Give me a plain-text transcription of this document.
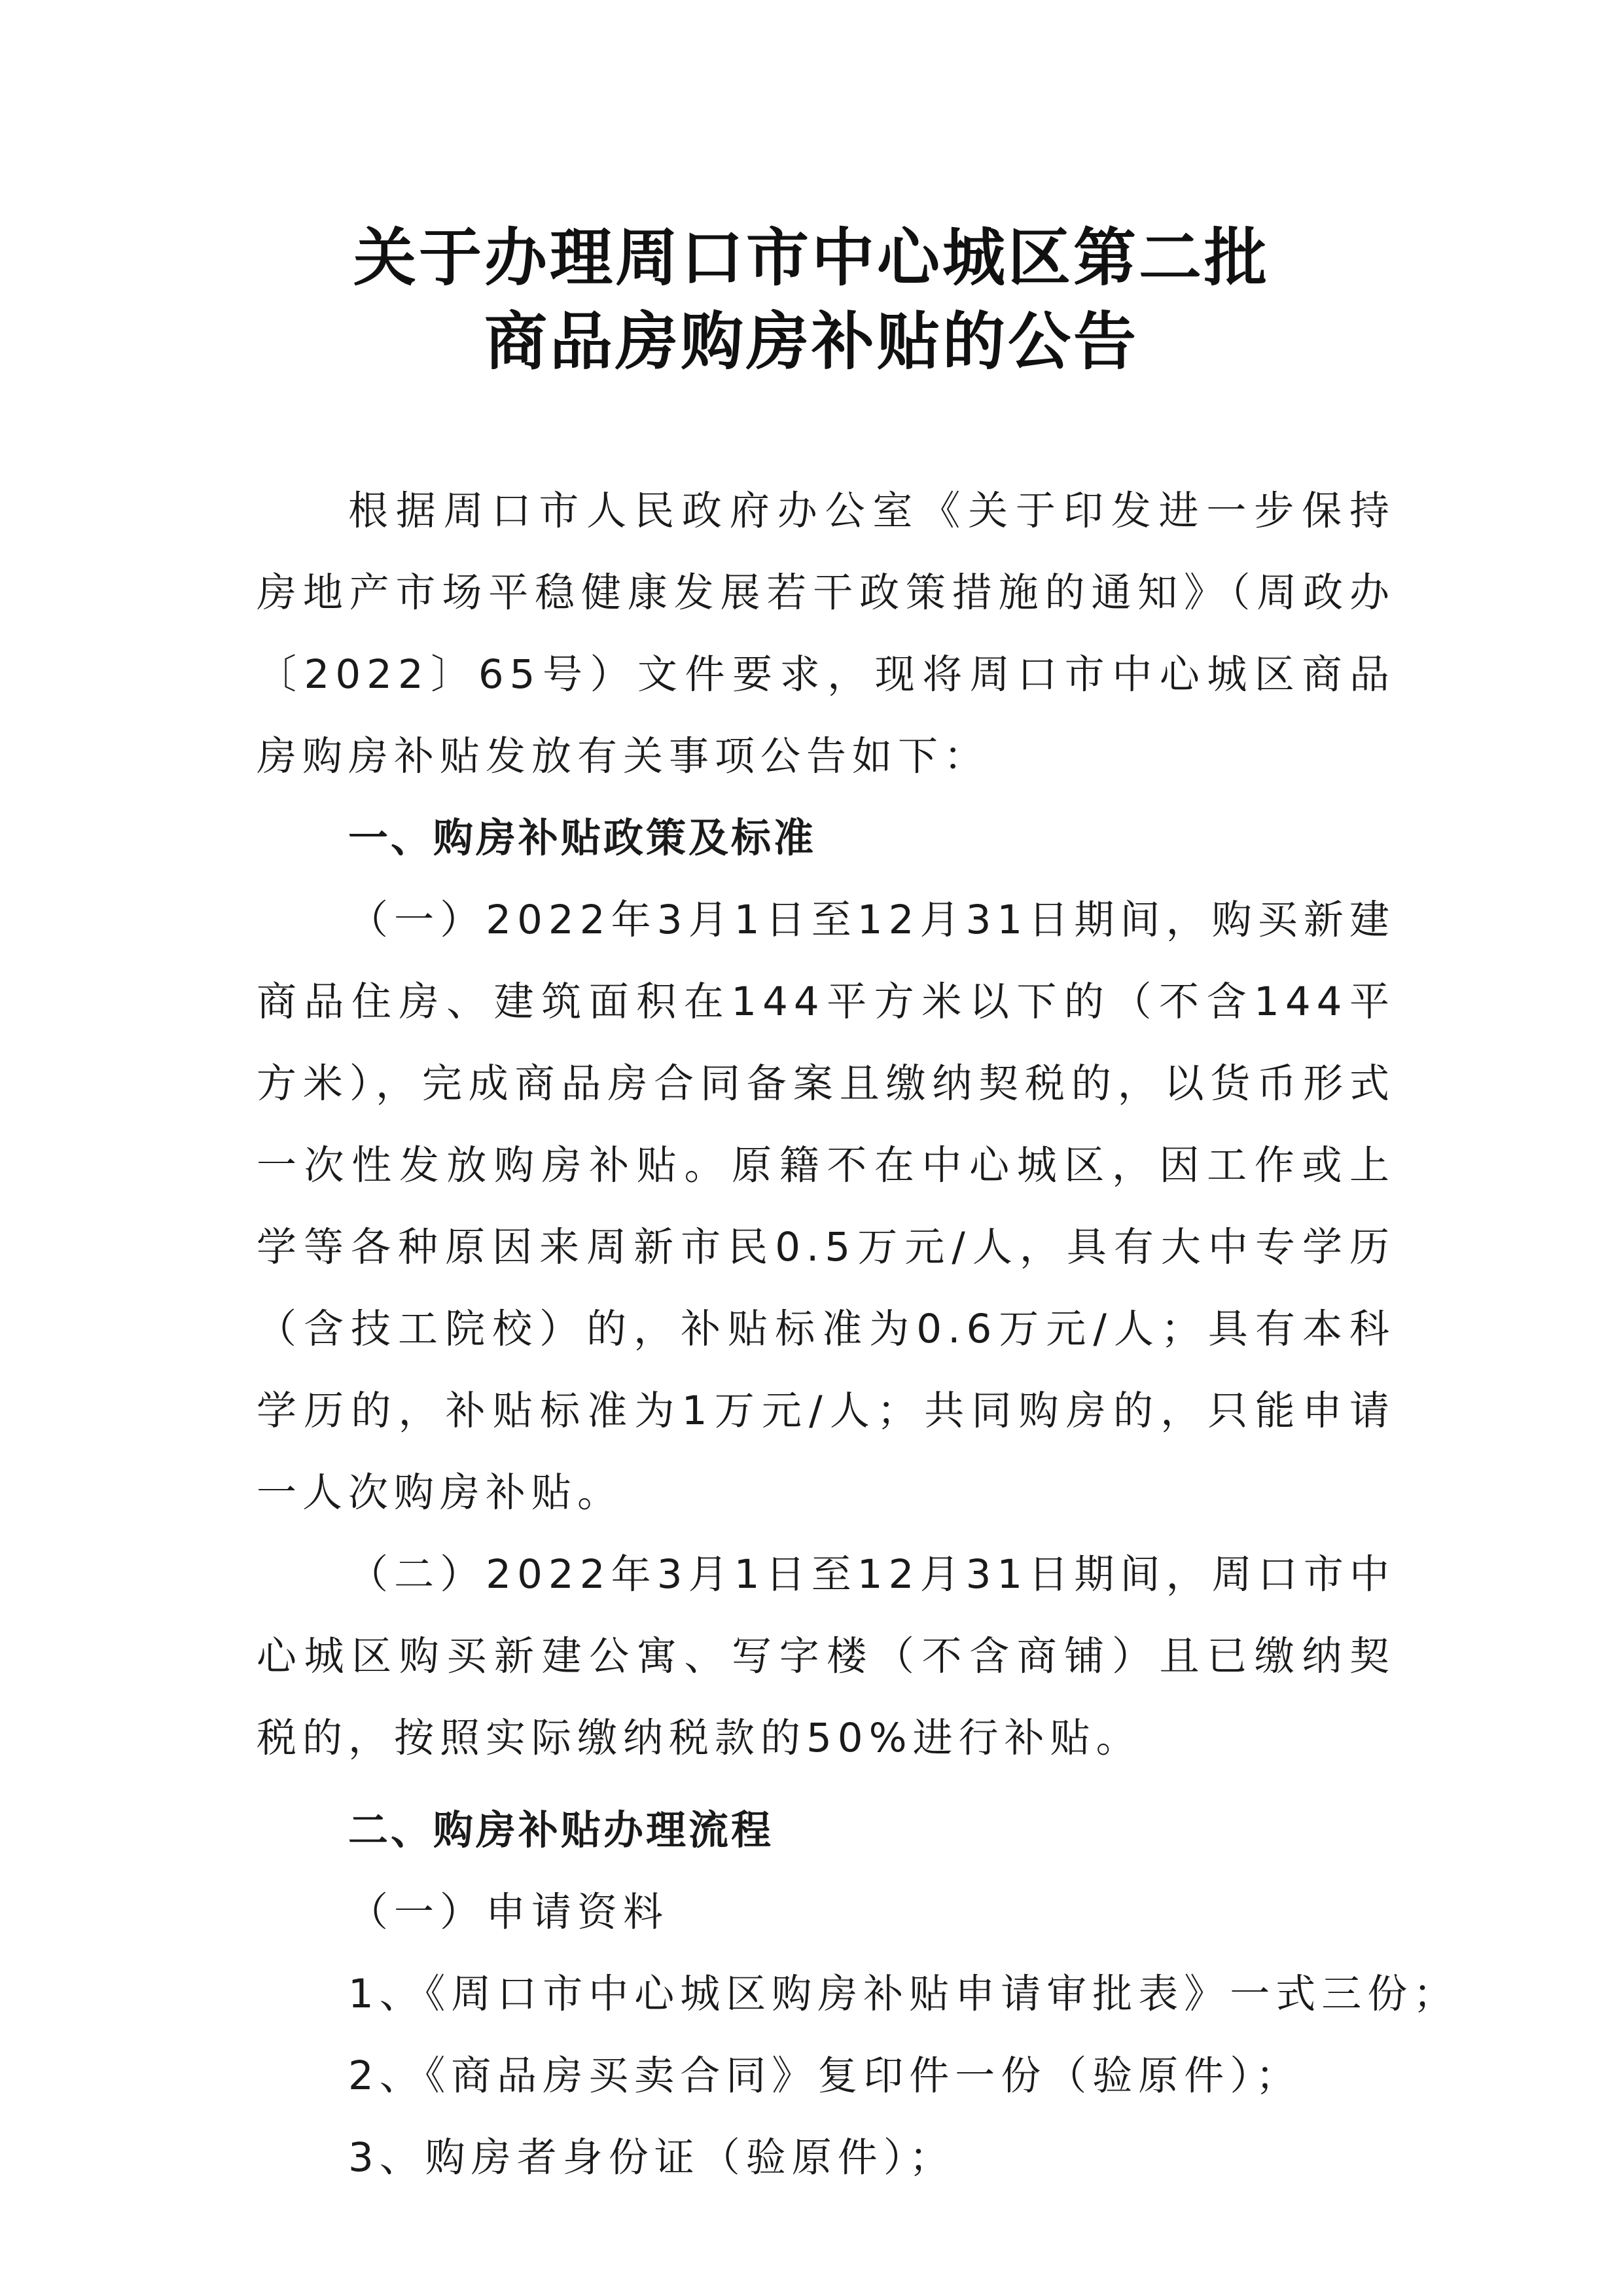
关于办理周口市中心城区第二批
商品房购房补贴的公告

根据周口市人民政府办公室《关于印发进一步保持房地产市场平稳健康发展若干政策措施的通知》（周政办〔2022〕65号）文件要求，现将周口市中心城区商品房购房补贴发放有关事项公告如下：

一、购房补贴政策及标准

（一）2022年3月1日至12月31日期间，购买新建商品住房、建筑面积在144平方米以下的（不含144平方米），完成商品房合同备案且缴纳契税的，以货币形式一次性发放购房补贴。原籍不在中心城区，因工作或上学等各种原因来周新市民0.5万元/人，具有大中专学历（含技工院校）的，补贴标准为0.6万元/人；具有本科学历的，补贴标准为1万元/人；共同购房的，只能申请一人次购房补贴。

（二）2022年3月1日至12月31日期间，周口市中心城区购买新建公寓、写字楼（不含商铺）且已缴纳契税的，按照实际缴纳税款的50%进行补贴。

二、购房补贴办理流程

（一）申请资料

1、《周口市中心城区购房补贴申请审批表》一式三份；

2、《商品房买卖合同》复印件一份（验原件）；

3、购房者身份证（验原件）；
